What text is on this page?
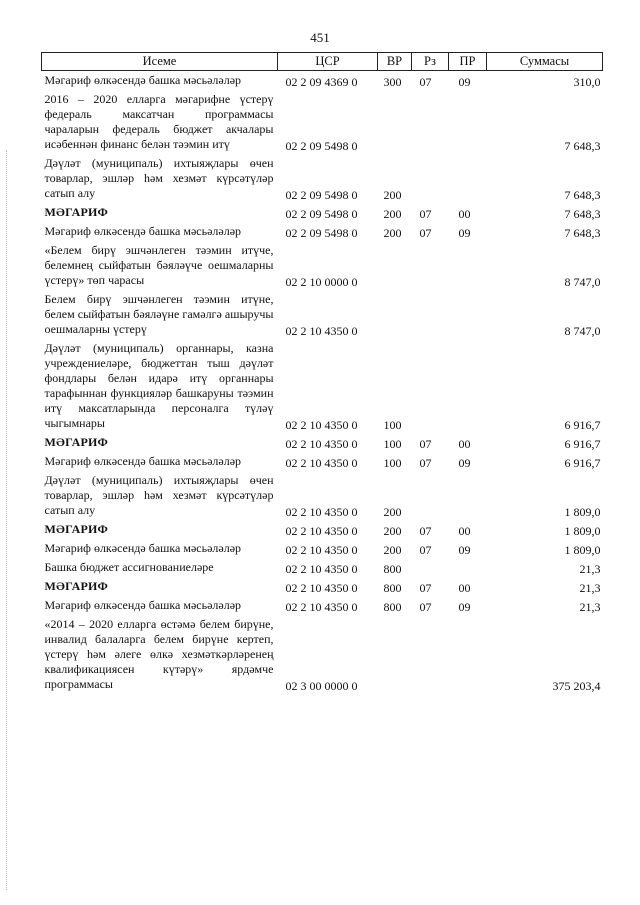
451
Исеме	ЦСР	ВР	Рз	ПР	Суммасы
Мәгариф өлкәсендә башка мәсьәләләр	02 2 09 4369 0	300	07	09	310,0
2016 – 2020 елларга мәгарифне үстерү федераль максатчан программасы чараларын федераль бюджет акчалары исәбеннән финанс белән тәэмин итү	02 2 09 5498 0				7 648,3
Дәүләт (муниципаль) ихтыяҗлары өчен товарлар, эшләр һәм хезмәт күрсәтүләр сатып алу	02 2 09 5498 0	200			7 648,3
МӘГАРИФ	02 2 09 5498 0	200	07	00	7 648,3
Мәгариф өлкәсендә башка мәсьәләләр	02 2 09 5498 0	200	07	09	7 648,3
«Белем бирү эшчәнлеген тәэмин итүче, белемнең сыйфатын бәяләүче оешмаларны үстерү» төп чарасы	02 2 10 0000 0				8 747,0
Белем бирү эшчәнлеген тәэмин итүне, белем сыйфатын бәяләүне гамәлгә ашыручы оешмаларны үстерү	02 2 10 4350 0				8 747,0
Дәүләт (муниципаль) органнары, казна учреждениеләре, бюджеттан тыш дәүләт фондлары белән идарә итү органнары тарафыннан функцияләр башкаруны тәэмин итү максатларында персоналга түләү чыгымнары	02 2 10 4350 0	100			6 916,7
МӘГАРИФ	02 2 10 4350 0	100	07	00	6 916,7
Мәгариф өлкәсендә башка мәсьәләләр	02 2 10 4350 0	100	07	09	6 916,7
Дәүләт (муниципаль) ихтыяҗлары өчен товарлар, эшләр һәм хезмәт күрсәтүләр сатып алу	02 2 10 4350 0	200			1 809,0
МӘГАРИФ	02 2 10 4350 0	200	07	00	1 809,0
Мәгариф өлкәсендә башка мәсьәләләр	02 2 10 4350 0	200	07	09	1 809,0
Башка бюджет ассигнованиеләре	02 2 10 4350 0	800			21,3
МӘГАРИФ	02 2 10 4350 0	800	07	00	21,3
Мәгариф өлкәсендә башка мәсьәләләр	02 2 10 4350 0	800	07	09	21,3
«2014 – 2020 елларга өстәмә белем бирүне, инвалид балаларга белем бирүне кертеп, үстерү һәм әлеге өлкә хезмәткәрләренең квалификациясен күтәрү» ярдәмче программасы	02 3 00 0000 0				375 203,4
